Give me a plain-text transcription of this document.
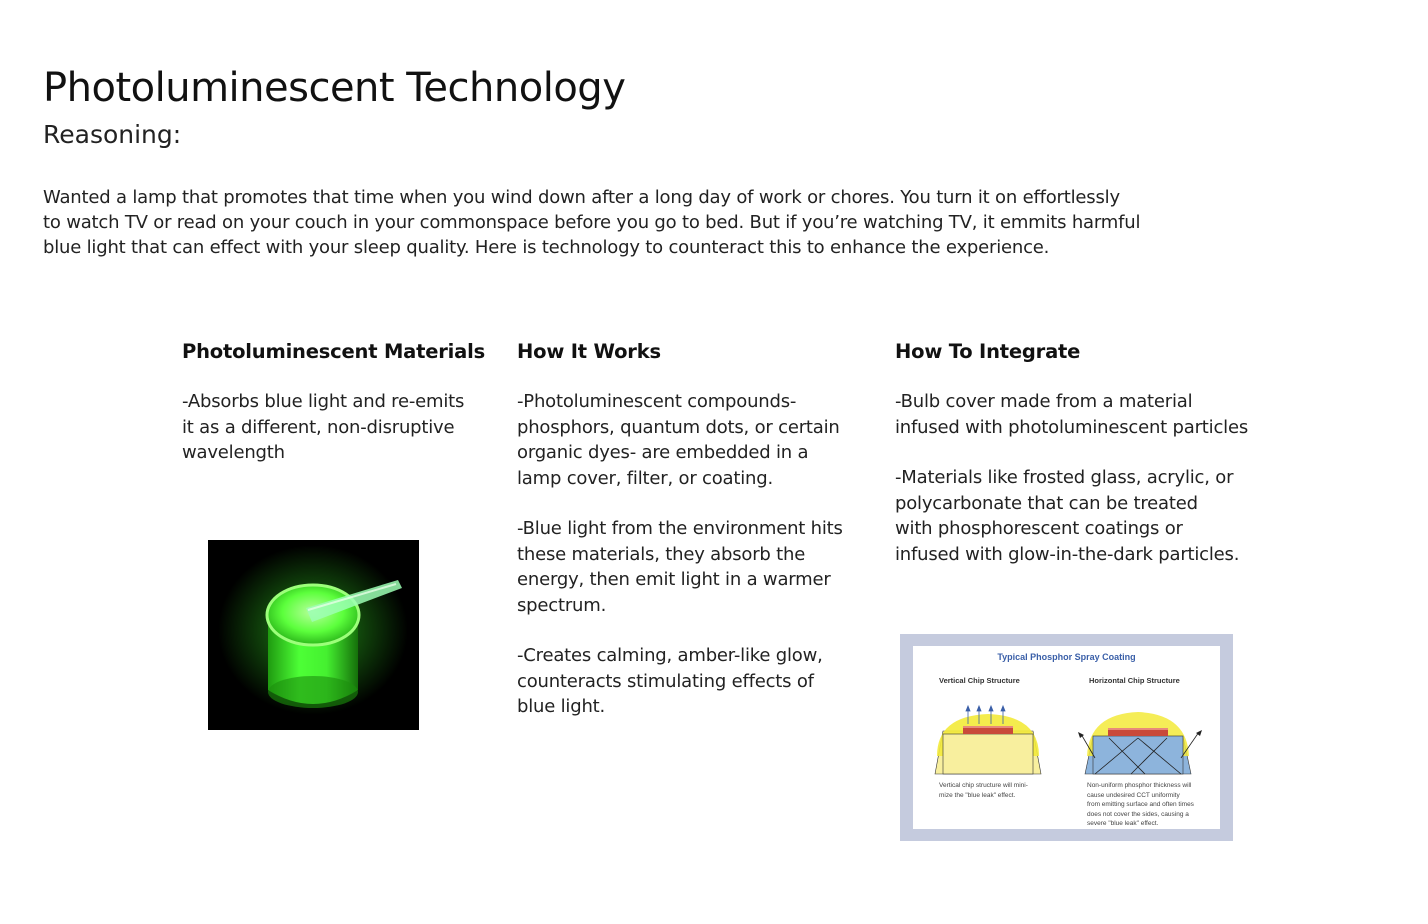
Photoluminescent Technology
Reasoning:
Wanted a lamp that promotes that time when you wind down after a long day of work or chores. You turn it on effortlessly
to watch TV or read on your couch in your commonspace before you go to bed. But if you’re watching TV, it emmits harmful
blue light that can effect with your sleep quality. Here is technology to counteract this to enhance the experience.
Photoluminescent Materials

-Absorbs blue light and re-emits
it as a different, non-disruptive
wavelength

How It Works

-Photoluminescent compounds-
phosphors, quantum dots, or certain
organic dyes- are embedded in a
lamp cover, filter, or coating.

-Blue light from the environment hits
these materials, they absorb the
energy, then emit light in a warmer
spectrum.

-Creates calming, amber-like glow,
counteracts stimulating effects of
blue light.

How To Integrate

-Bulb cover made from a material
infused with photoluminescent particles

-Materials like frosted glass, acrylic, or
polycarbonate that can be treated
with phosphorescent coatings or
infused with glow-in-the-dark particles.

Typical Phosphor Spray Coating
Vertical Chip Structure	Horizontal Chip Structure
Vertical chip structure will mini-
mize the "blue leak" effect.
Non-uniform phosphor thickness will
cause undesired CCT uniformity
from emitting surface and often times
does not cover the sides, causing a
severe "blue leak" effect.
